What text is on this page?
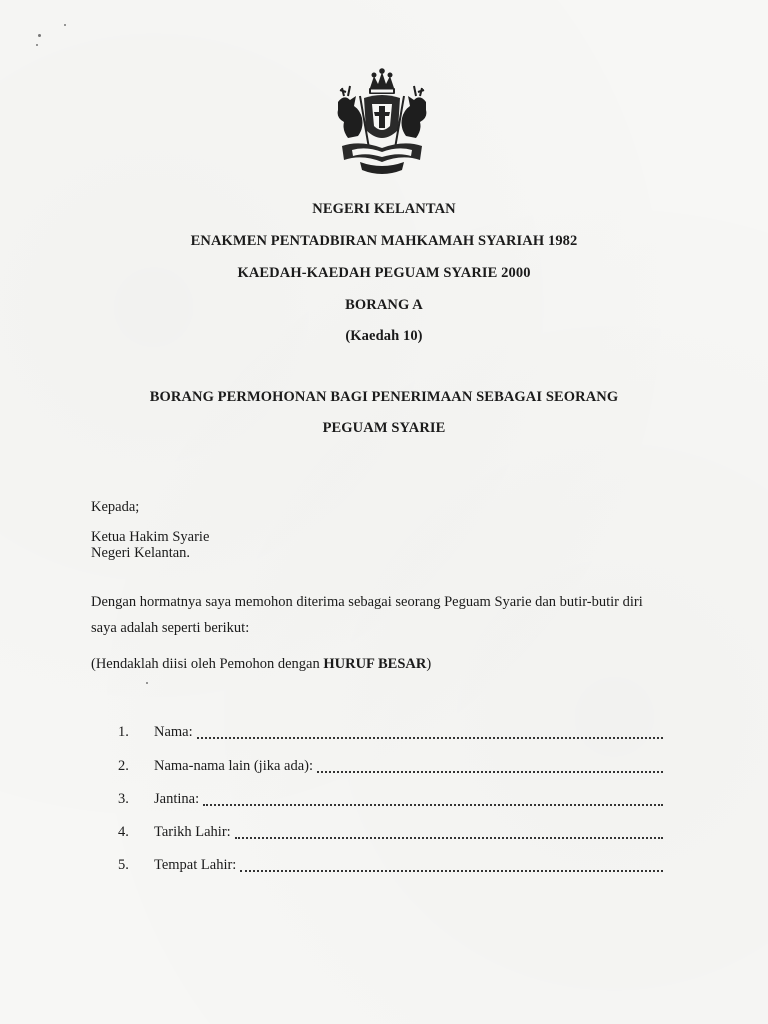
NEGERI KELANTAN
ENAKMEN PENTADBIRAN MAHKAMAH SYARIAH 1982
KAEDAH-KAEDAH PEGUAM SYARIE 2000
BORANG A
(Kaedah 10)
BORANG PERMOHONAN BAGI PENERIMAAN SEBAGAI SEORANG
PEGUAM SYARIE
Kepada;
Ketua Hakim Syarie
Negeri Kelantan.
Dengan hormatnya saya memohon diterima sebagai seorang Peguam Syarie dan butir-butir diri
saya adalah seperti berikut:
(Hendaklah diisi oleh Pemohon dengan HURUF BESAR)
1.	Nama:
2.	Nama-nama lain (jika ada):
3.	Jantina:
4.	Tarikh Lahir:
5.	Tempat Lahir:
